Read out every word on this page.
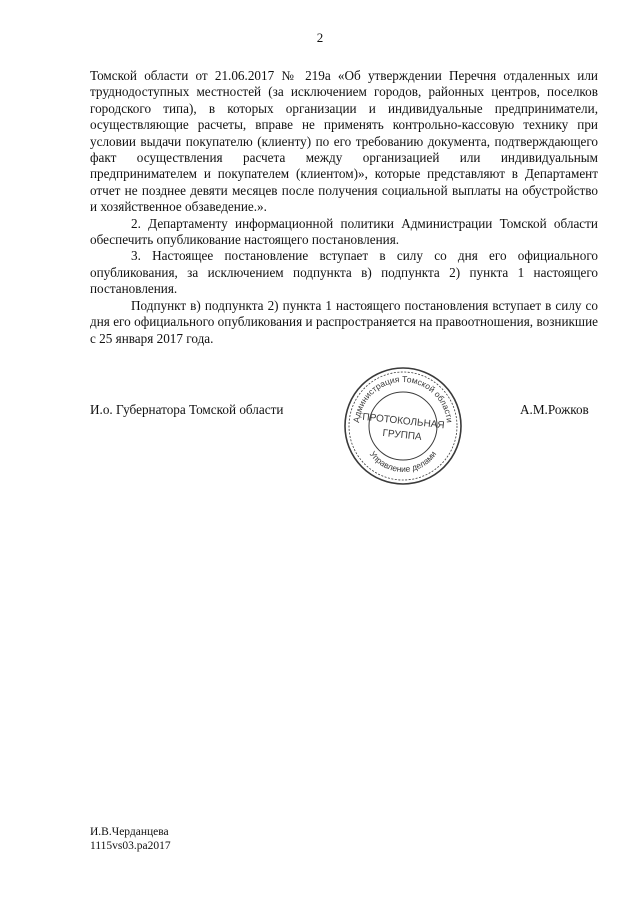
2

Томской области от 21.06.2017 № 219а «Об утверждении Перечня отдаленных или труднодоступных местностей (за исключением городов, районных центров, поселков городского типа), в которых организации и индивидуальные предприниматели, осуществляющие расчеты, вправе не применять контрольно-кассовую технику при условии выдачи покупателю (клиенту) по его требованию документа, подтверждающего факт осуществления расчета между организацией или индивидуальным предпринимателем и покупателем (клиентом)», которые представляют в Департамент отчет не позднее девяти месяцев после получения социальной выплаты на обустройство и хозяйственное обзаведение.».

2. Департаменту информационной политики Администрации Томской области обеспечить опубликование настоящего постановления.

3. Настоящее постановление вступает в силу со дня его официального опубликования, за исключением подпункта в) подпункта 2) пункта 1 настоящего постановления.

Подпункт в) подпункта 2) пункта 1 настоящего постановления вступает в силу со дня его официального опубликования и распространяется на правоотношения, возникшие с 25 января 2017 года.

И.о. Губернатора Томской области
Администрация Томской области
Управление делами
ПРОТОКОЛЬНАЯ
ГРУППА
А.М.Рожков
И.В.Черданцева
1115vs03.pa2017
